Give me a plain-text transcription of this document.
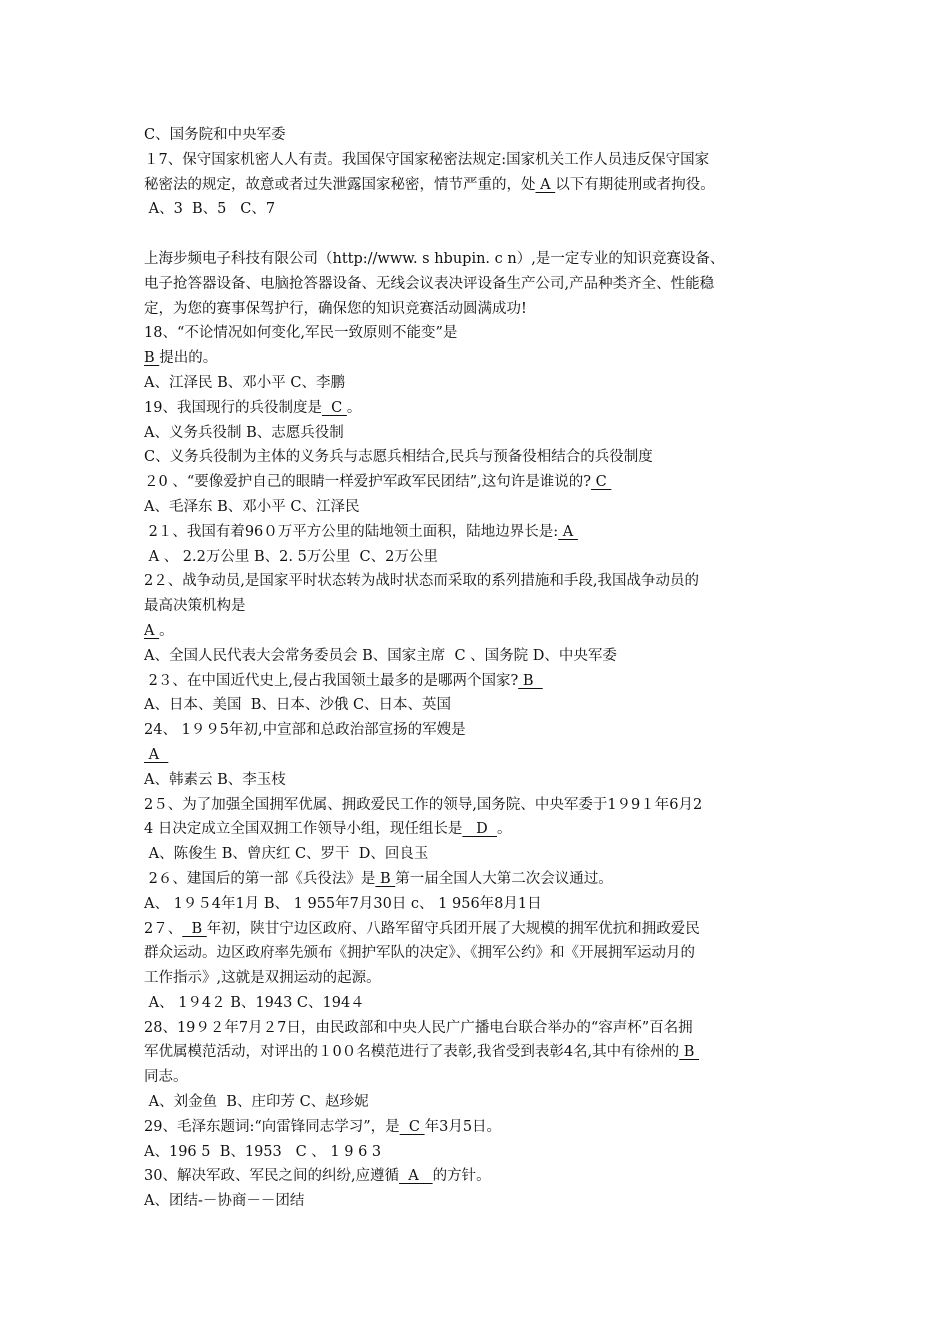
C、国务院和中央军委
１7、保守国家机密人人有责。我国保守国家秘密法规定:国家机关工作人员违反保守国家
秘密法的规定，故意或者过失泄露国家秘密，情节严重的，处 A 以下有期徒刑或者拘役。
A、3  B、5   C、7
上海步频电子科技有限公司（http://www. s hbupin. c n）,是一定专业的知识竞赛设备、
电子抢答器设备、电脑抢答器设备、无线会议表决评设备生产公司,产品种类齐全、性能稳
定，为您的赛事保驾护行，确保您的知识竞赛活动圆满成功!
18、“不论情况如何变化,军民一致原则不能变”是
B 提出的。
A、江泽民 B、邓小平 C、李鹏
19、我国现行的兵役制度是  C 。
A、义务兵役制 B、志愿兵役制
C、义务兵役制为主体的义务兵与志愿兵相结合,民兵与预备役相结合的兵役制度
２0 、“要像爱护自己的眼睛一样爱护军政军民团结”,这句许是谁说的? C
A、毛泽东 B、邓小平 C、江泽民
2１、我国有着96０万平方公里的陆地领土面积，陆地边界长是: A
A 、 2.2万公里 B、2. 5万公里  C、2万公里
2２、战争动员,是国家平时状态转为战时状态而采取的系列措施和手段,我国战争动员的
最高决策机构是
A 。
A、全国人民代表大会常务委员会 B、国家主席  C 、国务院 D、中央军委
2３、在中国近代史上,侵占我国领土最多的是哪两个国家? B
A、日本、美国  B、日本、沙俄 C、日本、英国
24、 1９９5年初,中宣部和总政治部宣扬的军嫂是
A
A、韩素云 B、李玉枝
2５、为了加强全国拥军优属、拥政爱民工作的领导,国务院、中央军委于1９9１年6月2
4 日决定成立全国双拥工作领导小组，现任组长是   D  。
A、陈俊生 B、曾庆红 C、罗干  D、回良玉
2６、建国后的第一部《兵役法》是 B 第一届全国人大第二次会议通过。
A、 1９５4年1月 B、 1 955年7月30日 c、 1 956年8月1日
2７、  B 年初，陕甘宁边区政府、八路军留守兵团开展了大规模的拥军优抗和拥政爱民
群众运动。边区政府率先颁布《拥护军队的决定》、《拥军公约》和《开展拥军运动月的
工作指示》,这就是双拥运动的起源。
A、 1９4２ B、1943 C、194４
28、19９２年7月２7日，由民政部和中央人民广广播电台联合举办的“容声杯”百名拥
军优属模范活动，对评出的１0０名模范进行了表彰,我省受到表彰4名,其中有徐州的 B
同志。
A、刘金鱼  B、庄印芳 C、赵珍妮
29、毛泽东题词:“向雷锋同志学习”，是  C 年3月5日。
A、196 5  B、1953   C 、 1 9 6 3
30、解决军政、军民之间的纠纷,应遵循  A   的方针。
A、团结-－协商－－团结
